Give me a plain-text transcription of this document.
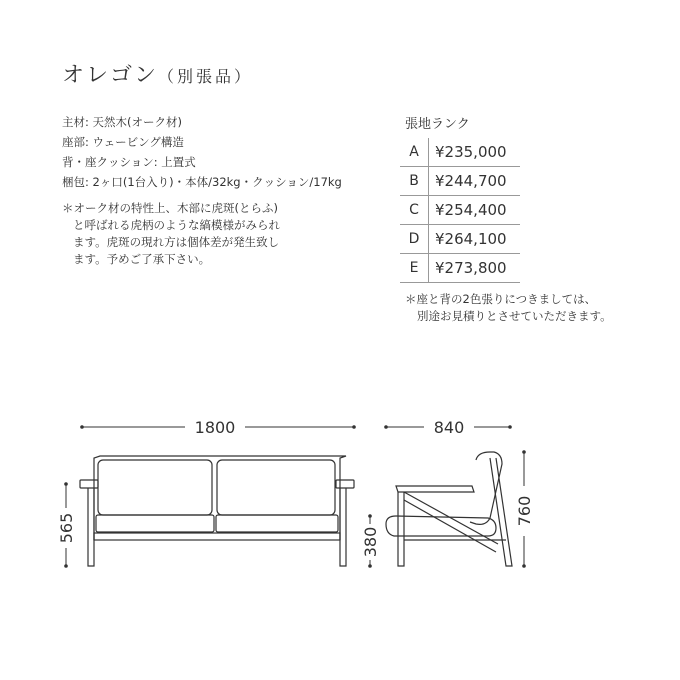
オレゴン（別張品）
主材: 天然木(オーク材)
座部: ウェービング構造
背・座クッション: 上置式
梱包: 2ヶ口(1台入り)・本体/32kg・クッション/17kg
＊オーク材の特性上、木部に虎斑(とらふ)
と呼ばれる虎柄のような縞模様がみられ
ます。虎斑の現れ方は個体差が発生致し
ます。予めご了承下さい。
張地ランク
A	¥235,000
B	¥244,700
C	¥254,400
D	¥264,100
E	¥273,800
＊座と背の2色張りにつきましては、
別途お見積りとさせていただきます。
1800	840
565	380
760
